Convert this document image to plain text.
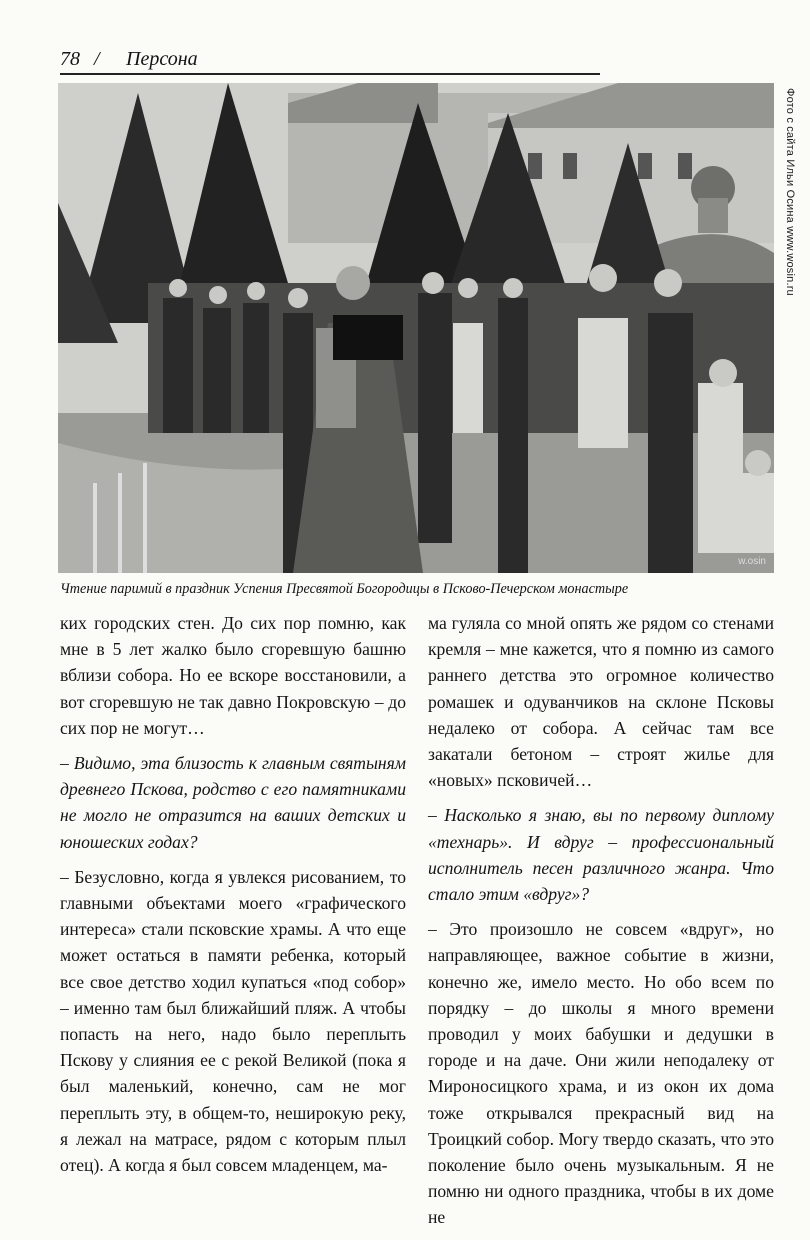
78 / Персона
w.osin
Фото с сайта Ильи Осина www.wosin.ru
Чтение паримий в праздник Успения Пресвятой Богородицы в Псково-Печерском монастыре

ких городских стен. До сих пор помню, как мне в 5 лет жалко было сгоревшую башню вблизи собора. Но ее вскоре восстановили, а вот сгоревшую не так давно Покровскую – до сих пор не могут…

– Видимо, эта близость к главным святыням древнего Пскова, родство с его памятниками не могло не отразится на ваших детских и юношеских годах?

– Безусловно, когда я увлекся рисованием, то главными объектами моего «графического интереса» стали псковские храмы. А что еще может остаться в памяти ребенка, который все свое детство ходил купаться «под собор» – именно там был ближайший пляж. А чтобы попасть на него, надо было переплыть Пскову у слияния ее с рекой Великой (пока я был маленький, конечно, сам не мог переплыть эту, в общем-то, неширокую реку, я лежал на матрасе, рядом с которым плыл отец). А когда я был совсем младенцем, ма-

ма гуляла со мной опять же рядом со стенами кремля – мне кажется, что я помню из самого раннего детства это огромное количество ромашек и одуванчиков на склоне Псковы недалеко от собора. А сейчас там все закатали бетоном – строят жилье для «новых» псковичей…

– Насколько я знаю, вы по первому диплому «технарь». И вдруг – профессиональный исполнитель песен различного жанра. Что стало этим «вдруг»?

– Это произошло не совсем «вдруг», но направляющее, важное событие в жизни, конечно же, имело место. Но обо всем по порядку – до школы я много времени проводил у моих бабушки и дедушки в городе и на даче. Они жили неподалеку от Мироносицкого храма, и из окон их дома тоже открывался прекрасный вид на Троицкий собор. Могу твердо сказать, что это поколение было очень музыкальным. Я не помню ни одного праздника, чтобы в их доме не
